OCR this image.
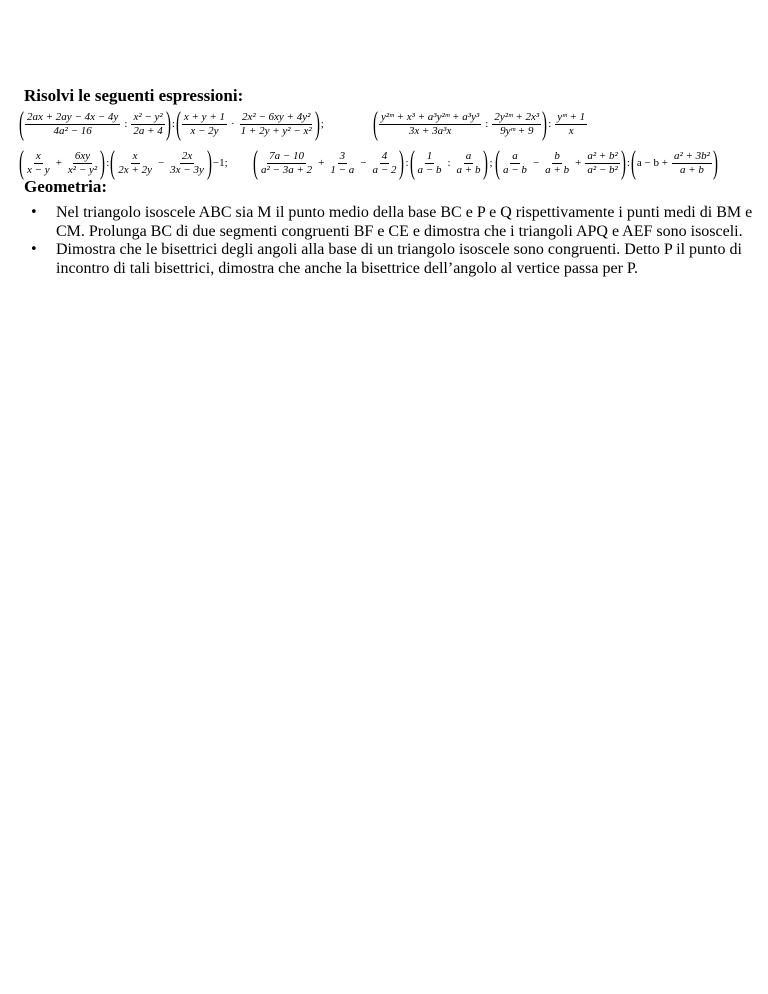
Risolvi le seguenti espressioni:
( $\frac{2ax + 2ay - 4x - 4y}{\text{4a² − 16}}$ : $\frac{\text{x² − y²}}{2a + 4}$ ) : ( $\frac{x + y + 1}{x - 2y} \cdot \frac{\text{2x² − 6xy + 4y²}}{\text{1 + 2y + y² − x²}}$ ) ; ( $\frac{\text{y²ᵐ + x³ + a³y²ᵐ + a³y³}}{\text{3x + 3a³x}}$ : $\frac{\text{2y²ᵐ + 2x³}}{\text{9yᵐ + 9}}$ ) : $\frac{\text{yᵐ + 1}}{x}$
( $\frac{x}{x - y} + \frac{6xy}{\text{x² − y²}}$ ) : ( $\frac{x}{2x + 2y} - \frac{2x}{3x - 3y}$ ) −1; ( $\frac{7a - 10}{\text{a² − 3a + 2}} + \frac{3}{1 - a} - \frac{4}{a - 2}$ ) : ( $\frac{1}{a - b}$ : $\frac{a}{a + b}$ ) ; ( $\frac{a}{a - b} - \frac{b}{a + b} + \frac{\text{a² + b²}}{\text{a² − b²}}$ ) : ( $a - b + \frac{\text{a² + 3b²}}{a + b}$ )
Geometria:
• Nel triangolo isoscele ABC sia M il punto medio della base BC e P e Q rispettivamente i punti medi di BM e CM. Prolunga BC di due segmenti congruenti BF e CE e dimostra che i triangoli APQ e AEF sono isosceli.
• Dimostra che le bisettrici degli angoli alla base di un triangolo isoscele sono congruenti. Detto P il punto di incontro di tali bisettrici, dimostra che anche la bisettrice dell’angolo al vertice passa per P.
